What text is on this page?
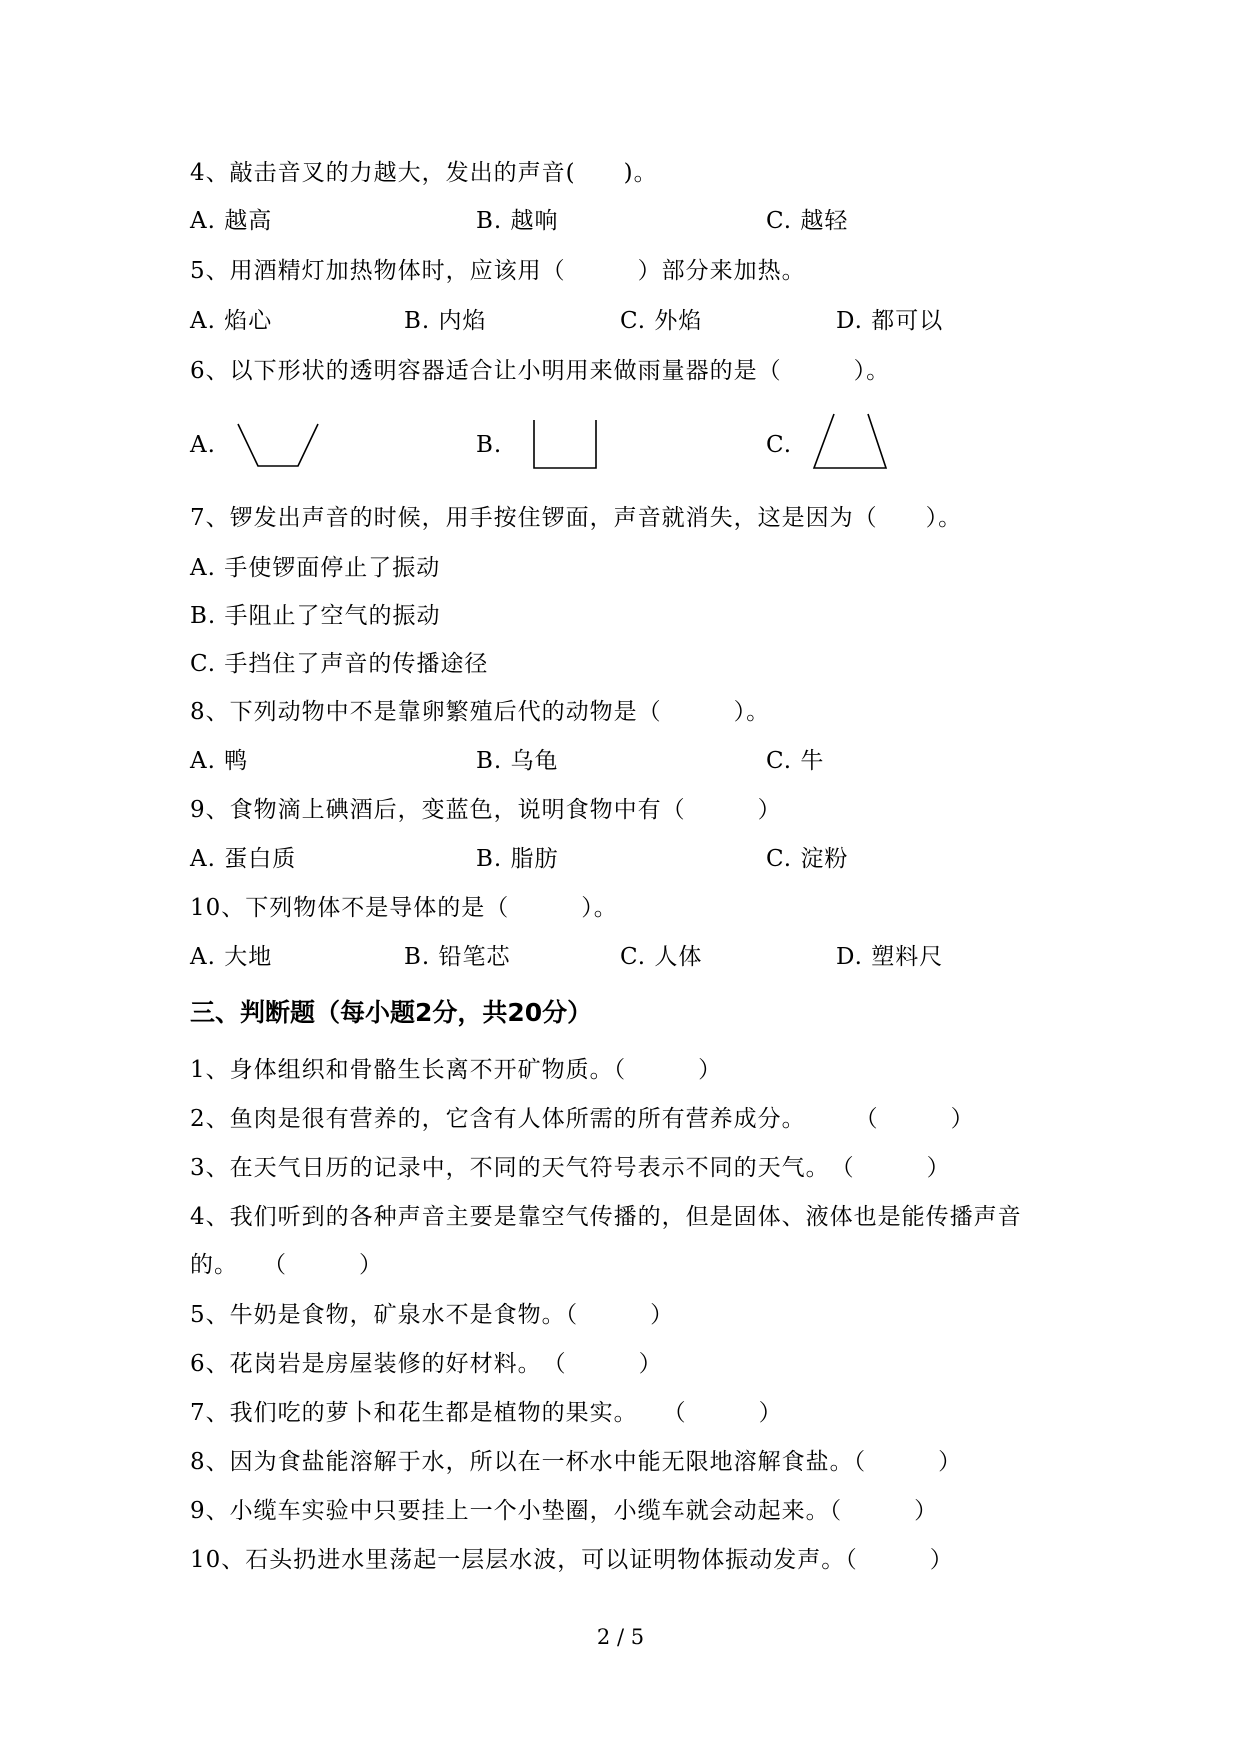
4、敲击音叉的力越大，发出的声音(　　)。
A. 越高	B. 越响	C. 越轻
5、用酒精灯加热物体时，应该用（　　　）部分来加热。
A. 焰心	B. 内焰	C. 外焰	D. 都可以
6、以下形状的透明容器适合让小明用来做雨量器的是（　　　）。
A.	B.	C.
7、锣发出声音的时候，用手按住锣面，声音就消失，这是因为（　　）。
A. 手使锣面停止了振动
B. 手阻止了空气的振动
C. 手挡住了声音的传播途径
8、下列动物中不是靠卵繁殖后代的动物是（　　　）。
A. 鸭	B. 乌龟	C. 牛
9、食物滴上碘酒后，变蓝色，说明食物中有（　　　）
A. 蛋白质	B. 脂肪	C. 淀粉
10、下列物体不是导体的是（　　　）。
A. 大地	B. 铅笔芯	C. 人体	D. 塑料尺
三、判断题（每小题2分，共20分）
1、身体组织和骨骼生长离不开矿物质。（　　　）
2、鱼肉是很有营养的，它含有人体所需的所有营养成分。　　　（　　　）
3、在天气日历的记录中，不同的天气符号表示不同的天气。　（　　　）
4、我们听到的各种声音主要是靠空气传播的，但是固体、液体也是能传播声音
的。　　（　　　）
5、牛奶是食物，矿泉水不是食物。（　　　）
6、花岗岩是房屋装修的好材料。　（　　　）
7、我们吃的萝卜和花生都是植物的果实。　　（　　　）
8、因为食盐能溶解于水，所以在一杯水中能无限地溶解食盐。（　　　）
9、小缆车实验中只要挂上一个小垫圈，小缆车就会动起来。（　　　）
10、石头扔进水里荡起一层层水波，可以证明物体振动发声。（　　　）
2 / 5
